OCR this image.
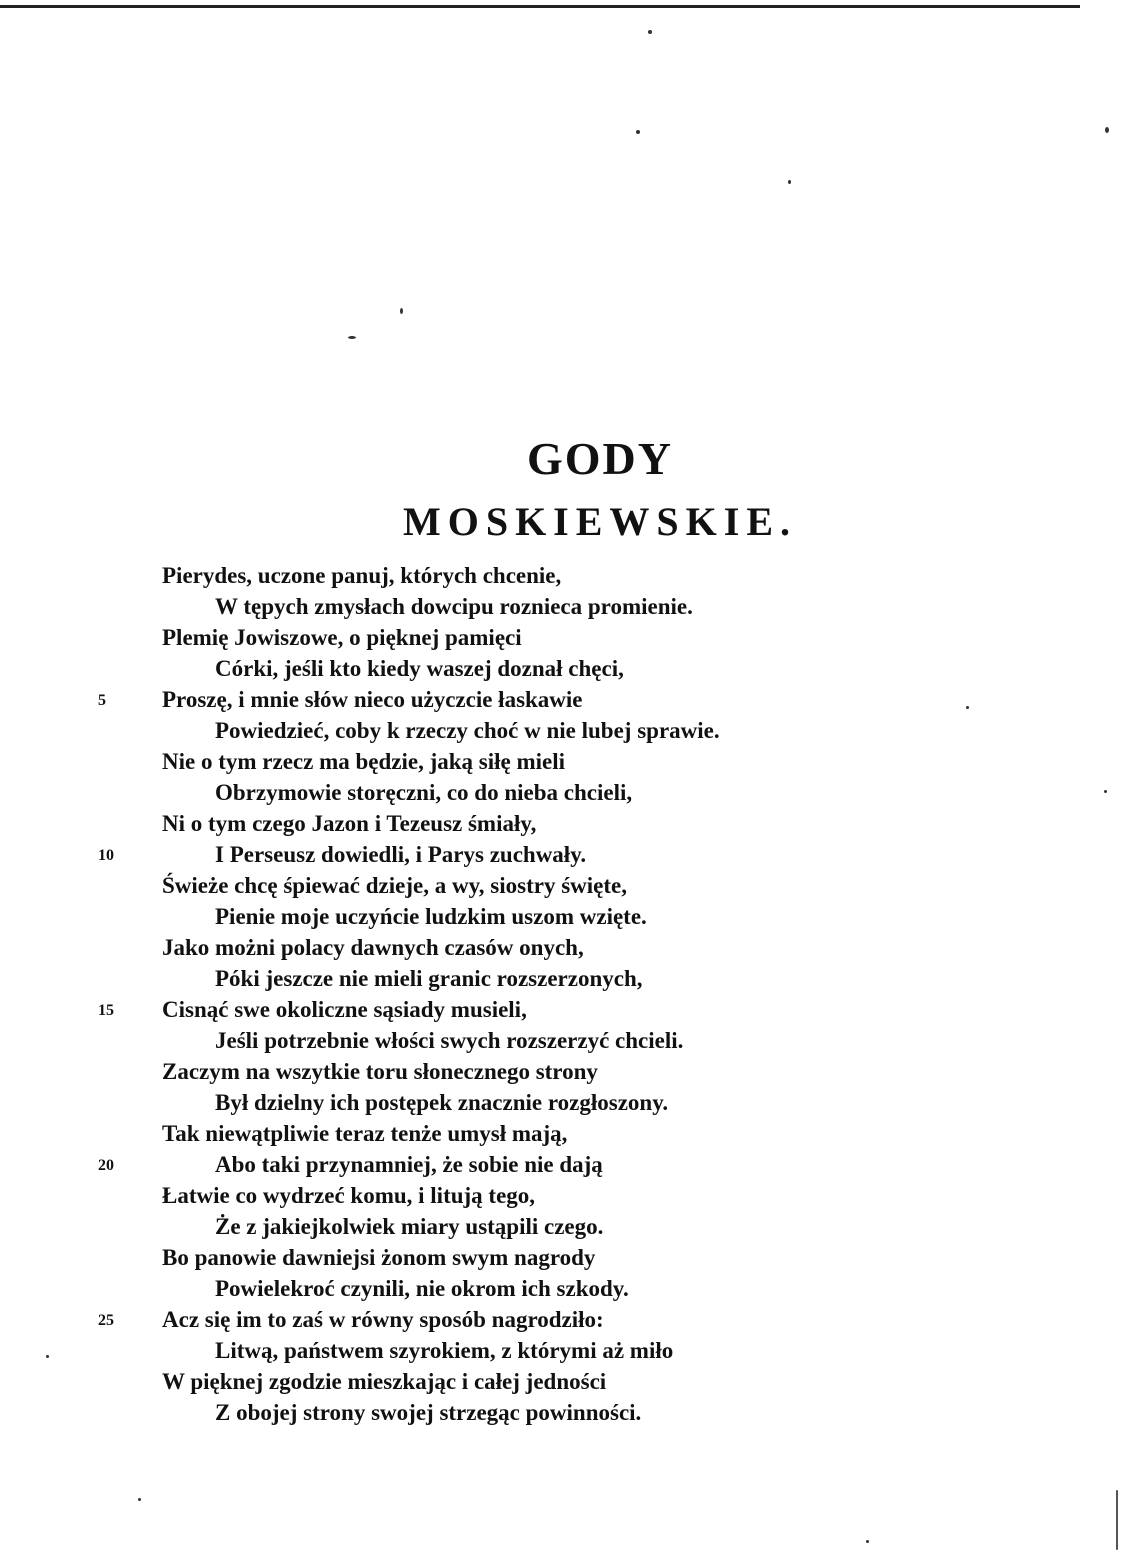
GODY
MOSKIEWSKIE.
Pierydes, uczone panuj, których chcenie,
W tępych zmysłach dowcipu roznieca promienie.
Plemię Jowiszowe, o pięknej pamięci
Córki, jeśli kto kiedy waszej doznał chęci,
Proszę, i mnie słów nieco użyczcie łaskawie
5
Powiedzieć, coby k rzeczy choć w nie lubej sprawie.
Nie o tym rzecz ma będzie, jaką siłę mieli
Obrzymowie storęczni, co do nieba chcieli,
Ni o tym czego Jazon i Tezeusz śmiały,
I Perseusz dowiedli, i Parys zuchwały.
10
Świeże chcę śpiewać dzieje, a wy, siostry święte,
Pienie moje uczyńcie ludzkim uszom wzięte.
Jako możni polacy dawnych czasów onych,
Póki jeszcze nie mieli granic rozszerzonych,
Cisnąć swe okoliczne sąsiady musieli,
15
Jeśli potrzebnie włości swych rozszerzyć chcieli.
Zaczym na wszytkie toru słonecznego strony
Był dzielny ich postępek znacznie rozgłoszony.
Tak niewątpliwie teraz tenże umysł mają,
Abo taki przynamniej, że sobie nie dają
20
Łatwie co wydrzeć komu, i litują tego,
Że z jakiejkolwiek miary ustąpili czego.
Bo panowie dawniejsi żonom swym nagrody
Powielekroć czynili, nie okrom ich szkody.
Acz się im to zaś w równy sposób nagrodziło:
25
Litwą, państwem szyrokiem, z którymi aż miło
W pięknej zgodzie mieszkając i całej jedności
Z obojej strony swojej strzegąc powinności.
